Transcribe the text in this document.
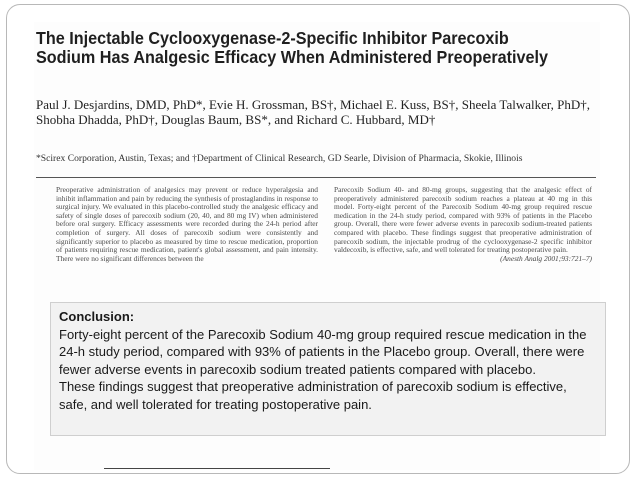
The Injectable Cyclooxygenase-2-Specific Inhibitor Parecoxib Sodium Has Analgesic Efficacy When Administered Preoperatively

Paul J. Desjardins, DMD, PhD*, Evie H. Grossman, BS†, Michael E. Kuss, BS†, Sheela Talwalker, PhD†, Shobha Dhadda, PhD†, Douglas Baum, BS*, and Richard C. Hubbard, MD†

*Scirex Corporation, Austin, Texas; and †Department of Clinical Research, GD Searle, Division of Pharmacia, Skokie, Illinois

Preoperative administration of analgesics may prevent or reduce hyperalgesia and inhibit inflammation and pain by reducing the synthesis of prostaglandins in response to surgical injury. We evaluated in this placebo-controlled study the analgesic efficacy and safety of single doses of parecoxib sodium (20, 40, and 80 mg IV) when administered before oral surgery. Efficacy assessments were recorded during the 24-h period after completion of surgery. All doses of parecoxib sodium were consistently and significantly superior to placebo as measured by time to rescue medication, proportion of patients requiring rescue medication, patient's global assessment, and pain intensity. There were no significant differences between the

Parecoxib Sodium 40- and 80-mg groups, suggesting that the analgesic effect of preoperatively administered parecoxib sodium reaches a plateau at 40 mg in this model. Forty-eight percent of the Parecoxib Sodium 40-mg group required rescue medication in the 24-h study period, compared with 93% of patients in the Placebo group. Overall, there were fewer adverse events in parecoxib sodium-treated patients compared with placebo. These findings suggest that preoperative administration of parecoxib sodium, the injectable prodrug of the cyclooxygenase-2 specific inhibitor valdecoxib, is effective, safe, and well tolerated for treating postoperative pain.
(Anesth Analg 2001;93:721–7)

Conclusion:

Forty-eight percent of the Parecoxib Sodium 40-mg group required rescue medication in the 24-h study period, compared with 93% of patients in the Placebo group. Overall, there were fewer adverse events in parecoxib sodium treated patients compared with placebo.

These findings suggest that preoperative administration of parecoxib sodium is effective, safe, and well tolerated for treating postoperative pain.
